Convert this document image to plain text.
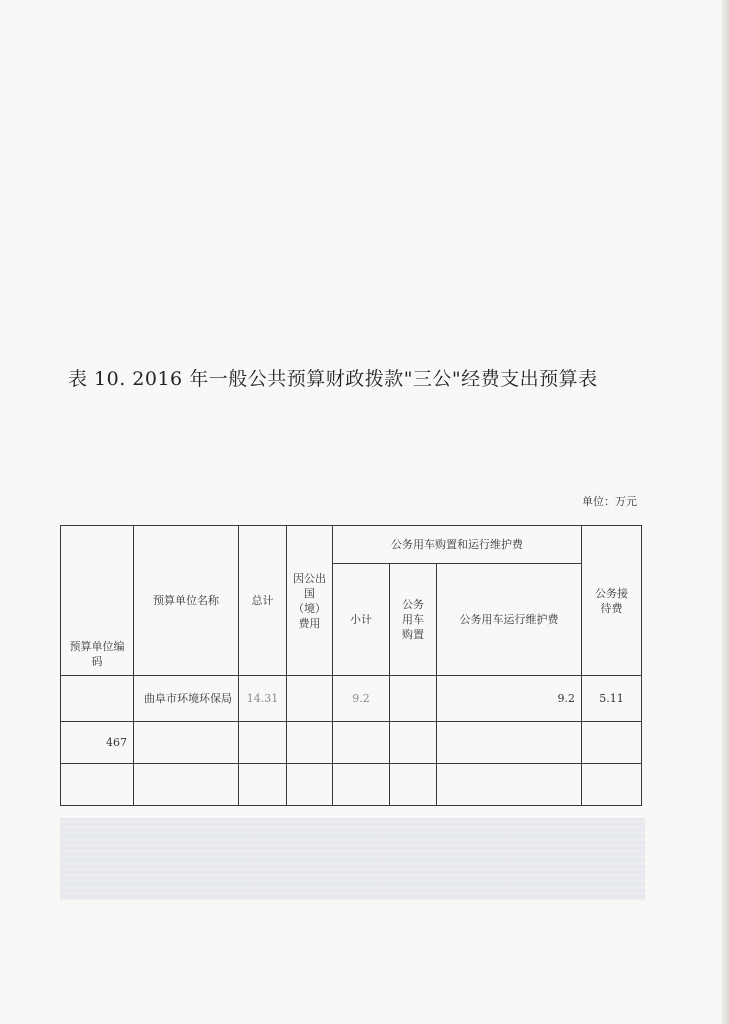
表 10. 2016 年一般公共预算财政拨款"三公"经费支出预算表
单位：万元
预算单位编码	预算单位名称	总计	因公出国（境）费用	公务用车购置和运行维护费			公务接待费
				小计	公务用车购置	公务用车运行维护费	

	曲阜市环境环保局	14.31		9.2		9.2	5.11
467							
